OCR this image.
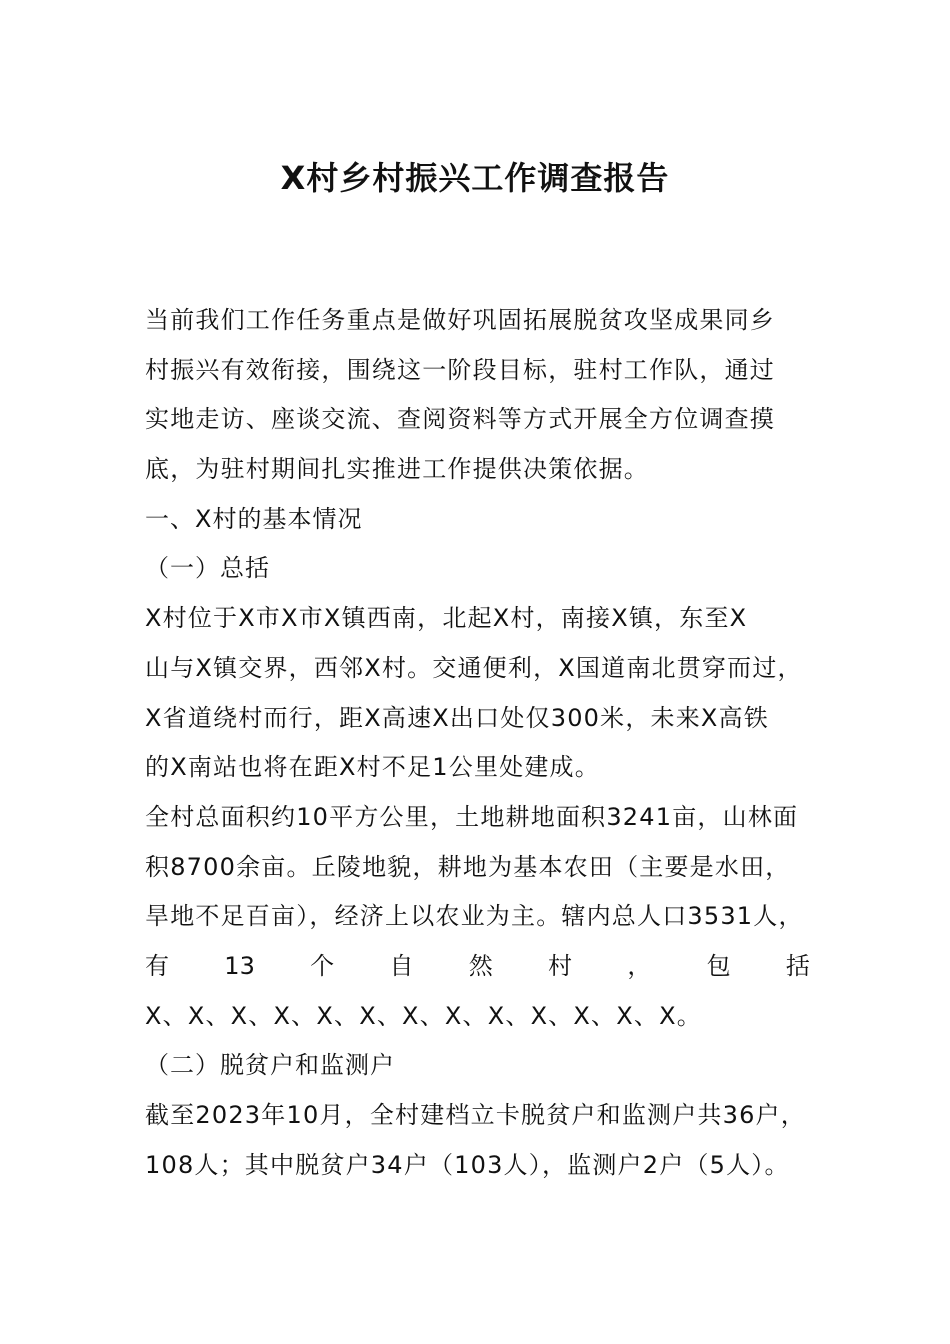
X村乡村振兴工作调查报告
当前我们工作任务重点是做好巩固拓展脱贫攻坚成果同乡
村振兴有效衔接，围绕这一阶段目标，驻村工作队，通过
实地走访、座谈交流、查阅资料等方式开展全方位调查摸
底，为驻村期间扎实推进工作提供决策依据。
一、X村的基本情况
（一）总括
X村位于X市X市X镇西南，北起X村，南接X镇，东至X
山与X镇交界，西邻X村。交通便利，X国道南北贯穿而过，
X省道绕村而行，距X高速X出口处仅300米，未来X高铁
的X南站也将在距X村不足1公里处建成。
全村总面积约10平方公里，土地耕地面积3241亩，山林面
积8700余亩。丘陵地貌，耕地为基本农田（主要是水田，
旱地不足百亩），经济上以农业为主。辖内总人口3531人，
有 13 个 自 然 村 ， 包 括
X、X、X、X、X、X、X、X、X、X、X、X、X。
（二）脱贫户和监测户
截至2023年10月，全村建档立卡脱贫户和监测户共36户，
108人；其中脱贫户34户（103人），监测户2户（5人）。
